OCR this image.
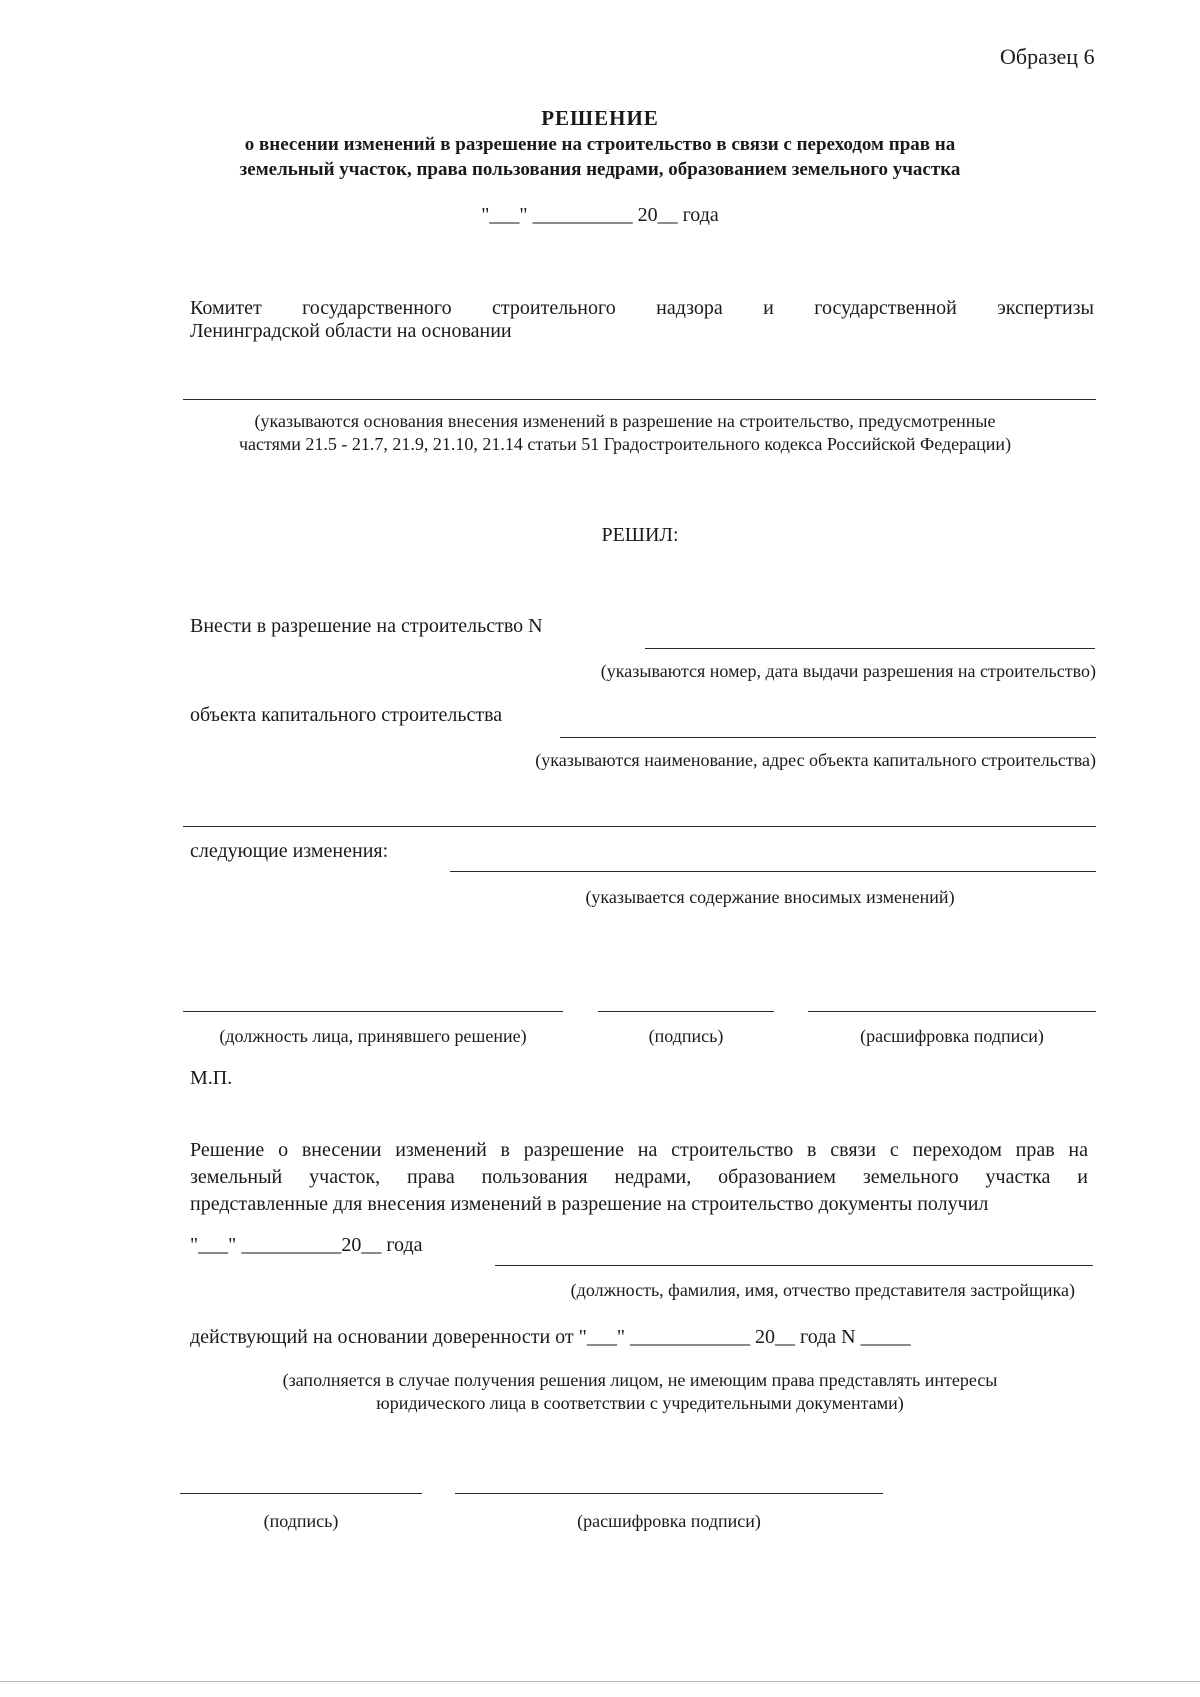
Образец 6
РЕШЕНИЕ
о внесении изменений в разрешение на строительство в связи с переходом прав на
земельный участок, права пользования недрами, образованием земельного участка
"___" __________ 20__ года
Комитет государственного строительного надзора и государственной экспертизы
Ленинградской области на основании
(указываются основания внесения изменений в разрешение на строительство, предусмотренные
частями 21.5 - 21.7, 21.9, 21.10, 21.14 статьи 51 Градостроительного кодекса Российской Федерации)
РЕШИЛ:
Внести в разрешение на строительство N
(указываются номер, дата выдачи разрешения на строительство)
объекта капитального строительства
(указываются наименование, адрес объекта капитального строительства)
следующие изменения:
(указывается содержание вносимых изменений)
(должность лица, принявшего решение)	(подпись)	(расшифровка подписи)
М.П.
Решение о внесении изменений в разрешение на строительство в связи с переходом прав на
земельный участок, права пользования недрами, образованием земельного участка и
представленные для внесения изменений в разрешение на строительство документы получил
"___" __________20__ года
(должность, фамилия, имя, отчество представителя застройщика)
действующий на основании доверенности от "___" ____________ 20__ года N _____
(заполняется в случае получения решения лицом, не имеющим права представлять интересы
юридического лица в соответствии с учредительными документами)
(подпись)	(расшифровка подписи)
